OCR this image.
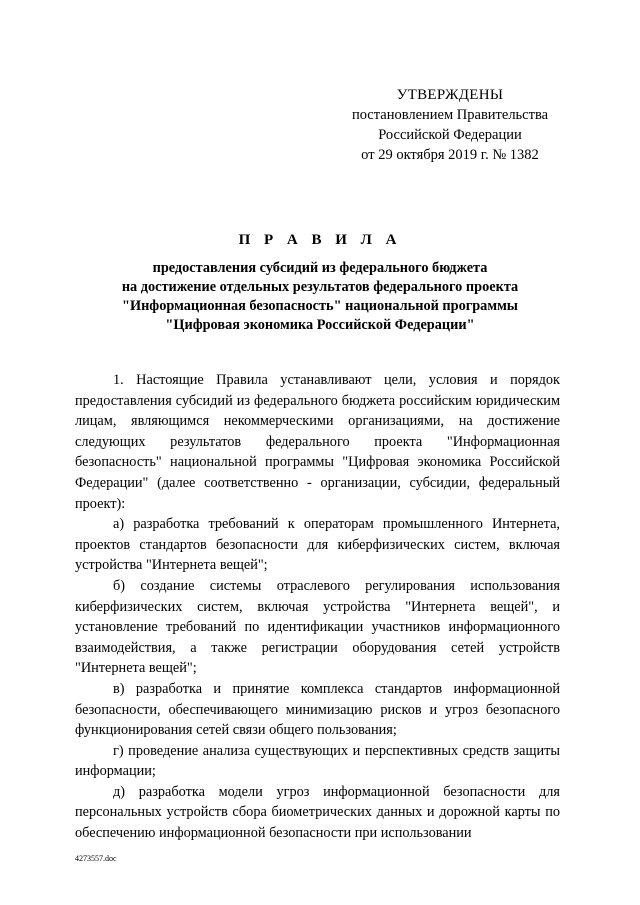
УТВЕРЖДЕНЫ
постановлением Правительства
Российской Федерации
от 29 октября 2019 г. № 1382
П Р А В И Л А
предоставления субсидий из федерального бюджета
на достижение отдельных результатов федерального проекта
"Информационная безопасность" национальной программы
"Цифровая экономика Российской Федерации"

1. Настоящие Правила устанавливают цели, условия и порядок предоставления субсидий из федерального бюджета российским юридическим лицам, являющимся некоммерческими организациями, на достижение следующих результатов федерального проекта "Информационная безопасность" национальной программы "Цифровая экономика Российской Федерации" (далее соответственно - организации, субсидии, федеральный проект):

а) разработка требований к операторам промышленного Интернета, проектов стандартов безопасности для киберфизических систем, включая устройства "Интернета вещей";

б) создание системы отраслевого регулирования использования киберфизических систем, включая устройства "Интернета вещей", и установление требований по идентификации участников информационного взаимодействия, а также регистрации оборудования сетей устройств "Интернета вещей";

в) разработка и принятие комплекса стандартов информационной безопасности, обеспечивающего минимизацию рисков и угроз безопасного функционирования сетей связи общего пользования;

г) проведение анализа существующих и перспективных средств защиты информации;

д) разработка модели угроз информационной безопасности для персональных устройств сбора биометрических данных и дорожной карты по обеспечению информационной безопасности при использовании

4273557.doc
